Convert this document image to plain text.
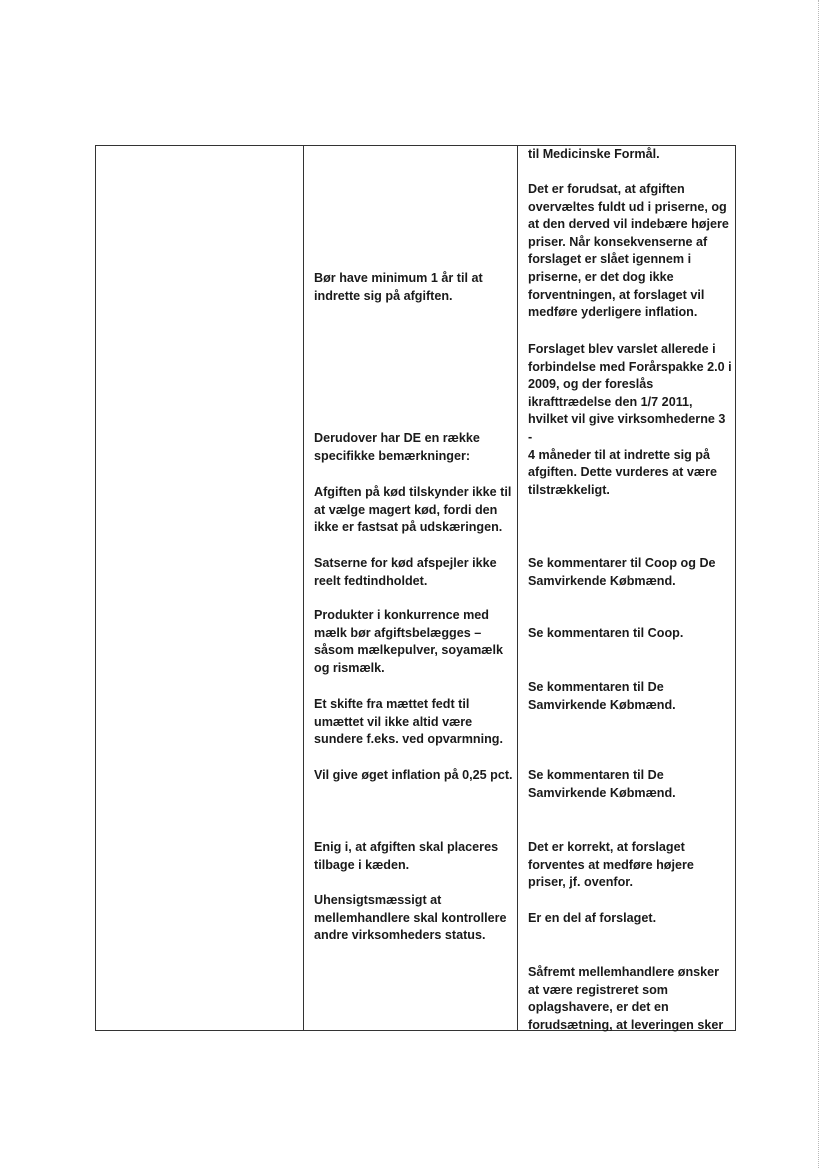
Bør have minimum 1 år til at
indrette sig på afgiften.

Derudover har DE en række
specifikke bemærkninger:

Afgiften på kød tilskynder ikke til
at vælge magert kød, fordi den
ikke er fastsat på udskæringen.

Satserne for kød afspejler ikke
reelt fedtindholdet.

Produkter i konkurrence med
mælk bør afgiftsbelægges –
såsom mælkepulver, soyamælk
og rismælk.

Et skifte fra mættet fedt til
umættet vil ikke altid være
sundere f.eks. ved opvarmning.

Vil give øget inflation på 0,25 pct.

Enig i, at afgiften skal placeres
tilbage i kæden.

Uhensigtsmæssigt at
mellemhandlere skal kontrollere
andre virksomheders status.

til Medicinske Formål.

Det er forudsat, at afgiften
overvæltes fuldt ud i priserne, og
at den derved vil indebære højere
priser. Når konsekvenserne af
forslaget er slået igennem i
priserne, er det dog ikke
forventningen, at forslaget vil
medføre yderligere inflation.

Forslaget blev varslet allerede i
forbindelse med Forårspakke 2.0 i
2009, og der foreslås
ikrafttrædelse den 1/7 2011,
hvilket vil give virksomhederne 3 -
4 måneder til at indrette sig på
afgiften. Dette vurderes at være
tilstrækkeligt.

Se kommentarer til Coop og De
Samvirkende Købmænd.

Se kommentaren til Coop.

Se kommentaren til De
Samvirkende Købmænd.

Se kommentaren til De
Samvirkende Købmænd.

Det er korrekt, at forslaget
forventes at medføre højere
priser, jf. ovenfor.

Er en del af forslaget.

Såfremt mellemhandlere ønsker
at være registreret som
oplagshavere, er det en
forudsætning, at leveringen sker
